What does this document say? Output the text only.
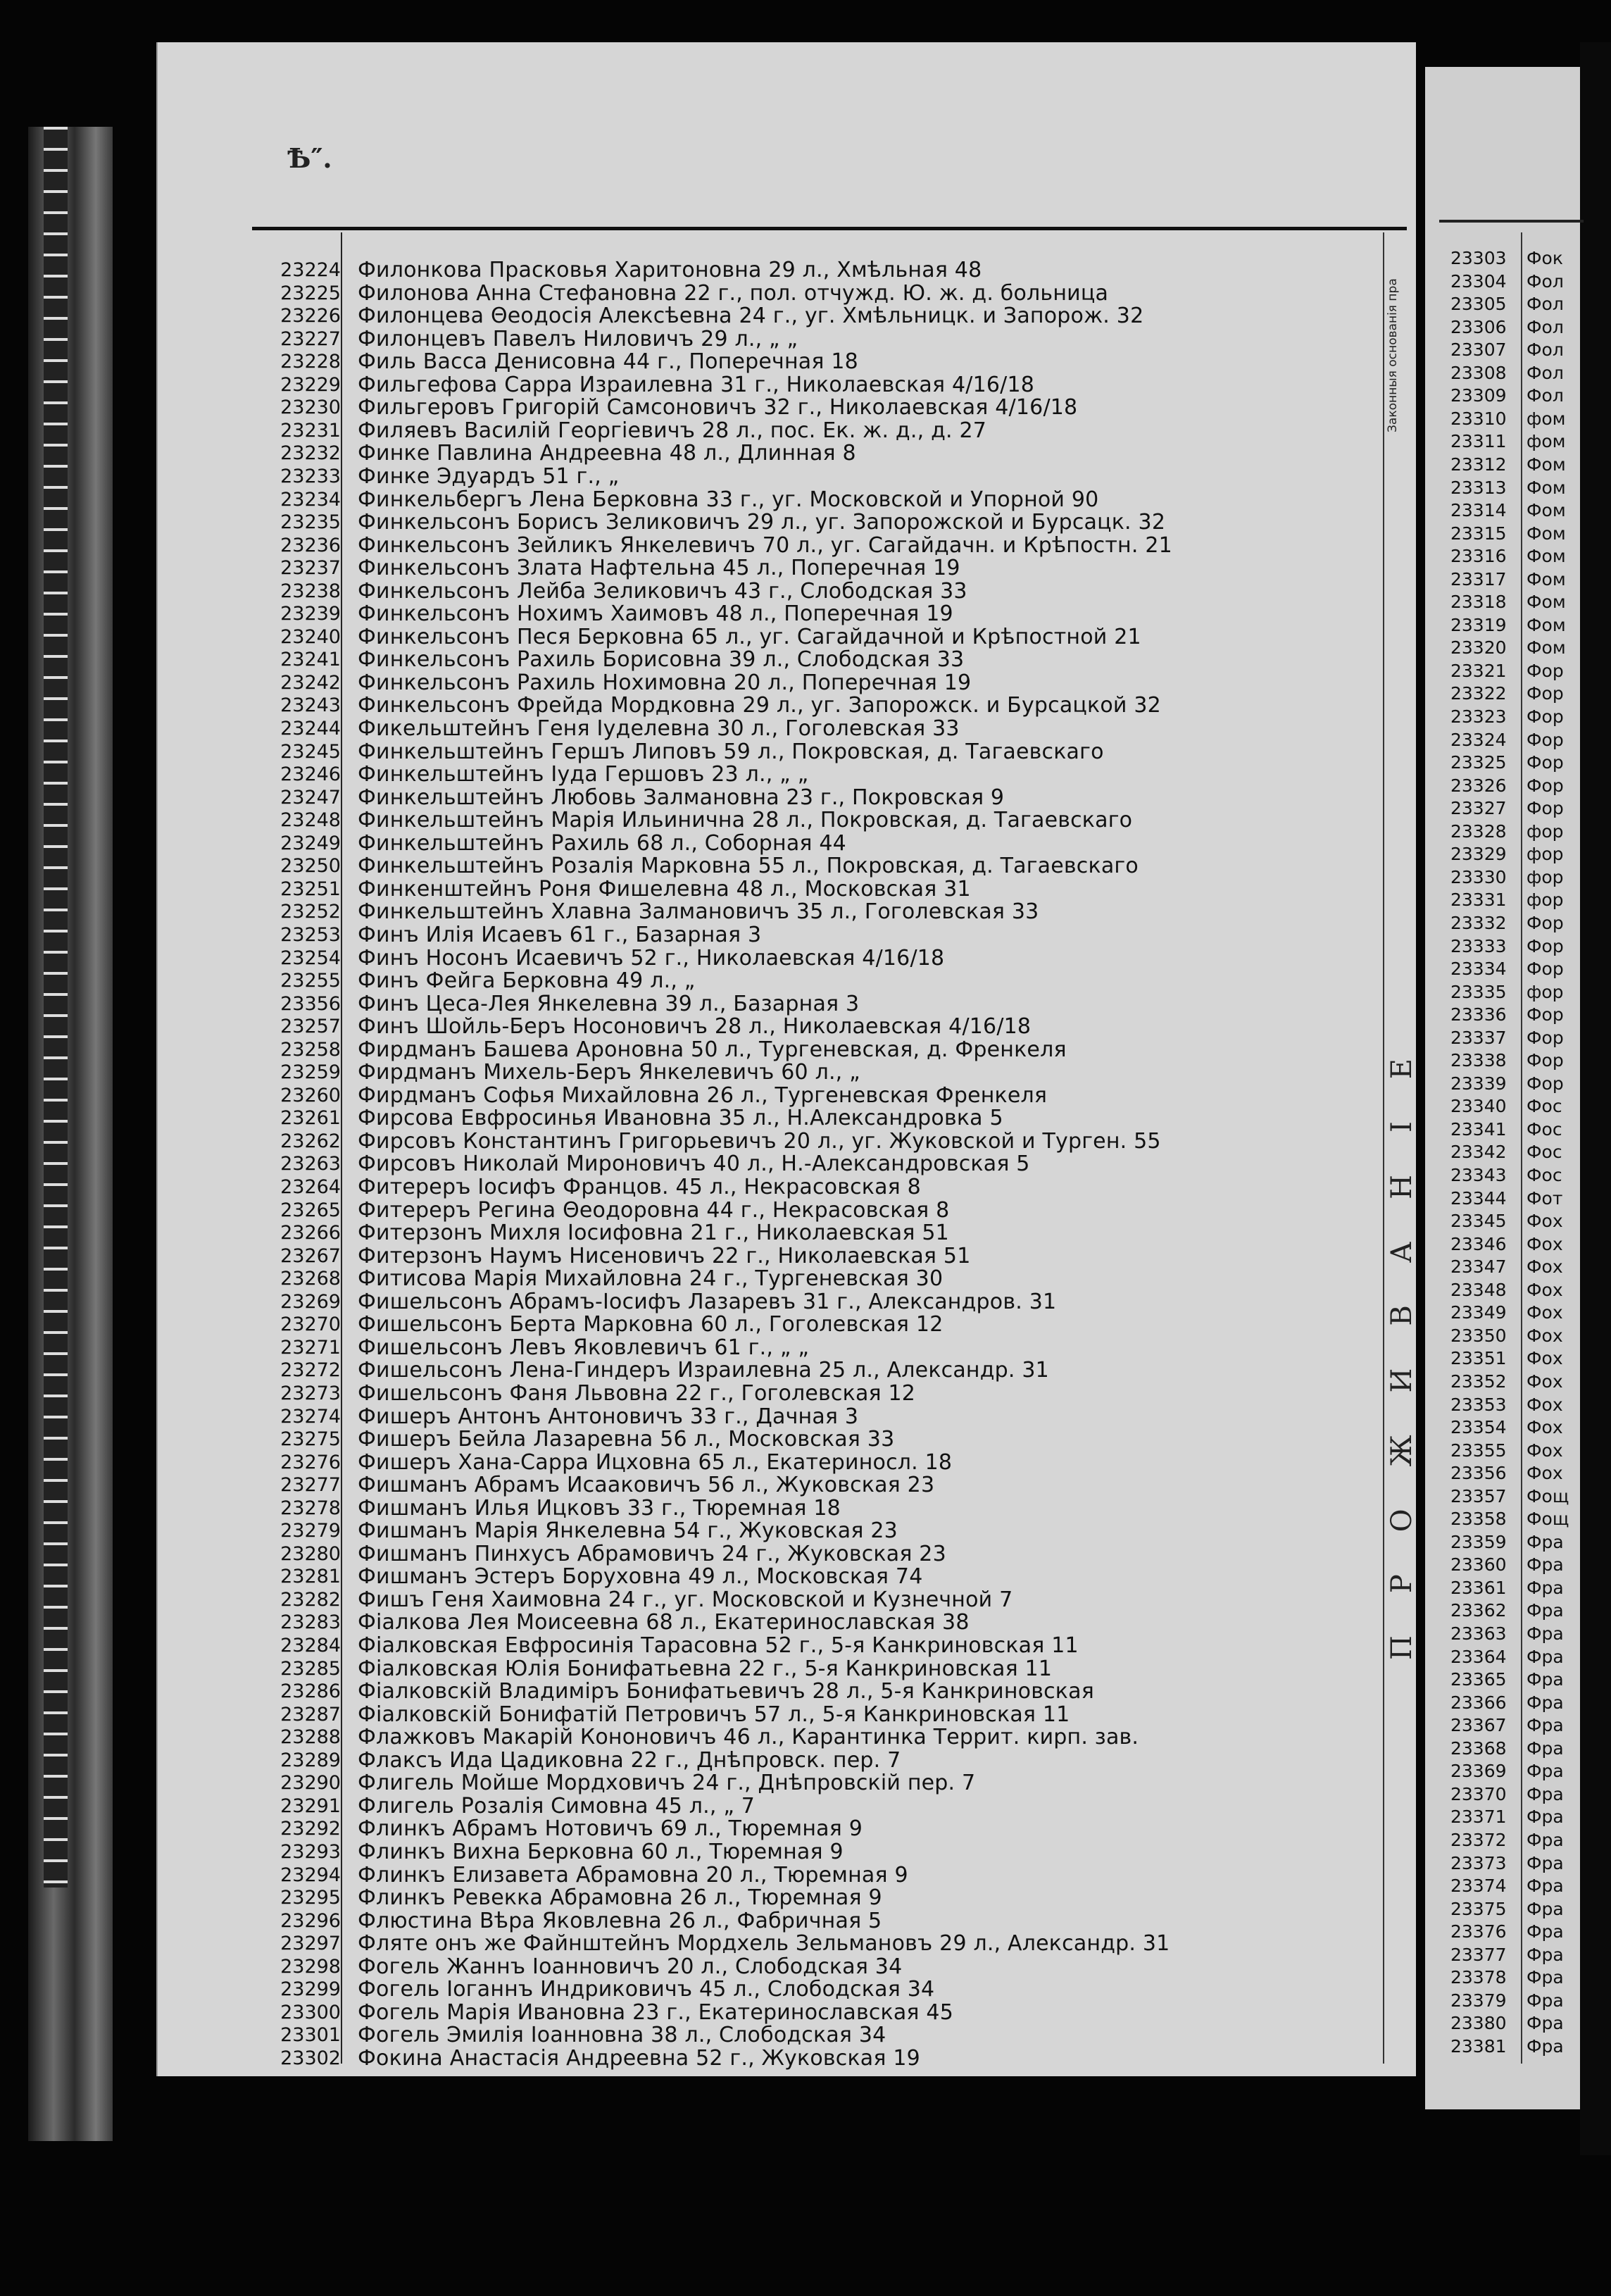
Ѣ″.

23224 Филонкова Прасковья Харитоновна 29 л., Хмѣльная 48
23225 Филонова Анна Стефановна 22 г., пол. отчужд. Ю. ж. д. больница
23226 Филонцева Θеодосія Алексѣевна 24 г., уг. Хмѣльницк. и Запорож. 32
23227 Филонцевъ Павелъ Ниловичъ 29 л., „ „
23228 Филь Васса Денисовна 44 г., Поперечная 18
23229 Фильгефова Сарра Израилевна 31 г., Николаевская 4/16/18
23230 Фильгеровъ Григорій Самсоновичъ 32 г., Николаевская 4/16/18
23231 Филяевъ Василій Георгіевичъ 28 л., пос. Ек. ж. д., д. 27
23232 Финке Павлина Андреевна 48 л., Длинная 8
23233 Финке Эдуардъ 51 г., „
23234 Финкельбергъ Лена Берковна 33 г., уг. Московской и Упорной 90
23235 Финкельсонъ Борисъ Зеликовичъ 29 л., уг. Запорожской и Бурсацк. 32
23236 Финкельсонъ Зейликъ Янкелевичъ 70 л., уг. Сагайдачн. и Крѣпостн. 21
23237 Финкельсонъ Злата Нафтельна 45 л., Поперечная 19
23238 Финкельсонъ Лейба Зеликовичъ 43 г., Слободская 33
23239 Финкельсонъ Нохимъ Хаимовъ 48 л., Поперечная 19
23240 Финкельсонъ Песя Берковна 65 л., уг. Сагайдачной и Крѣпостной 21
23241 Финкельсонъ Рахиль Борисовна 39 л., Слободская 33
23242 Финкельсонъ Рахиль Нохимовна 20 л., Поперечная 19
23243 Финкельсонъ Фрейда Мордковна 29 л., уг. Запорожск. и Бурсацкой 32
23244 Фикельштейнъ Геня Іуделевна 30 л., Гоголевская 33
23245 Финкельштейнъ Гершъ Липовъ 59 л., Покровская, д. Тагаевскаго
23246 Финкельштейнъ Іуда Гершовъ 23 л., „ „
23247 Финкельштейнъ Любовь Залмановна 23 г., Покровская 9
23248 Финкельштейнъ Марія Ильинична 28 л., Покровская, д. Тагаевскаго
23249 Финкельштейнъ Рахиль 68 л., Соборная 44
23250 Финкельштейнъ Розалія Марковна 55 л., Покровская, д. Тагаевскаго
23251 Финкенштейнъ Роня Фишелевна 48 л., Московская 31
23252 Финкельштейнъ Хлавна Залмановичъ 35 л., Гоголевская 33
23253 Финъ Илія Исаевъ 61 г., Базарная 3
23254 Финъ Носонъ Исаевичъ 52 г., Николаевская 4/16/18
23255 Финъ Фейга Берковна 49 л., „
23356 Финъ Цеса-Лея Янкелевна 39 л., Базарная 3
23257 Финъ Шойль-Беръ Носоновичъ 28 л., Николаевская 4/16/18
23258 Фирдманъ Башева Ароновна 50 л., Тургеневская, д. Френкеля
23259 Фирдманъ Михель-Беръ Янкелевичъ 60 л., „
23260 Фирдманъ Софья Михайловна 26 л., Тургеневская Френкеля
23261 Фирсова Евфросинья Ивановна 35 л., Н.Александровка 5
23262 Фирсовъ Константинъ Григорьевичъ 20 л., уг. Жуковской и Турген. 55
23263 Фирсовъ Николай Мироновичъ 40 л., Н.-Александровская 5
23264 Фитереръ Іосифъ Францов. 45 л., Некрасовская 8
23265 Фитереръ Регина Θеодоровна 44 г., Некрасовская 8
23266 Фитерзонъ Михля Іосифовна 21 г., Николаевская 51
23267 Фитерзонъ Наумъ Нисеновичъ 22 г., Николаевская 51
23268 Фитисова Марія Михайловна 24 г., Тургеневская 30
23269 Фишельсонъ Абрамъ-Іосифъ Лазаревъ 31 г., Александров. 31
23270 Фишельсонъ Берта Марковна 60 л., Гоголевская 12
23271 Фишельсонъ Левъ Яковлевичъ 61 г., „ „
23272 Фишельсонъ Лена-Гиндеръ Израилевна 25 л., Александр. 31
23273 Фишельсонъ Фаня Львовна 22 г., Гоголевская 12
23274 Фишеръ Антонъ Антоновичъ 33 г., Дачная 3
23275 Фишеръ Бейла Лазаревна 56 л., Московская 33
23276 Фишеръ Хана-Сарра Ицховна 65 л., Екатериносл. 18
23277 Фишманъ Абрамъ Исааковичъ 56 л., Жуковская 23
23278 Фишманъ Илья Ицковъ 33 г., Тюремная 18
23279 Фишманъ Марія Янкелевна 54 г., Жуковская 23
23280 Фишманъ Пинхусъ Абрамовичъ 24 г., Жуковская 23
23281 Фишманъ Эстеръ Боруховна 49 л., Московская 74
23282 Фишъ Геня Хаимовна 24 г., уг. Московской и Кузнечной 7
23283 Фіалкова Лея Моисеевна 68 л., Екатеринославская 38
23284 Фіалковская Евфросинія Тарасовна 52 г., 5-я Канкриновская 11
23285 Фіалковская Юлія Бонифатьевна 22 г., 5-я Канкриновская 11
23286 Фіалковскій Владиміръ Бонифатьевичъ 28 л., 5-я Канкриновская
23287 Фіалковскій Бонифатій Петровичъ 57 л., 5-я Канкриновская 11
23288 Флажковъ Макарій Кононовичъ 46 л., Карантинка Террит. кирп. зав.
23289 Флаксъ Ида Цадиковна 22 г., Днѣпровск. пер. 7
23290 Флигель Мойше Мордховичъ 24 г., Днѣпровскій пер. 7
23291 Флигель Розалія Симовна 45 л., „ 7
23292 Флинкъ Абрамъ Нотовичъ 69 л., Тюремная 9
23293 Флинкъ Вихна Берковна 60 л., Тюремная 9
23294 Флинкъ Елизавета Абрамовна 20 л., Тюремная 9
23295 Флинкъ Ревекка Абрамовна 26 л., Тюремная 9
23296 Флюстина Вѣра Яковлевна 26 л., Фабричная 5
23297 Фляте онъ же Файнштейнъ Мордхель Зельмановъ 29 л., Александр. 31
23298 Фогель Жаннъ Іоанновичъ 20 л., Слободская 34
23299 Фогель Іоганнъ Индриковичъ 45 л., Слободская 34
23300 Фогель Марія Ивановна 23 г., Екатеринославская 45
23301 Фогель Эмилія Іоанновна 38 л., Слободская 34
23302 Фокина Анастасія Андреевна 52 г., Жуковская 19

Законныя основанія пра

ПРОЖИВАНІЕ

23303 Фок
23304 Фол
23305 Фол
23306 Фол
23307 Фол
23308 Фол
23309 Фол
23310 фом
23311 фом
23312 Фом
23313 Фом
23314 Фом
23315 Фом
23316 Фом
23317 Фом
23318 Фом
23319 Фом
23320 Фом
23321 Фор
23322 Фор
23323 Фор
23324 Фор
23325 Фор
23326 Фор
23327 Фор
23328 фор
23329 фор
23330 фор
23331 фор
23332 Фор
23333 Фор
23334 Фор
23335 фор
23336 Фор
23337 Фор
23338 Фор
23339 Фор
23340 Фос
23341 Фос
23342 Фос
23343 Фос
23344 Фот
23345 Фох
23346 Фох
23347 Фох
23348 Фох
23349 Фох
23350 Фох
23351 Фох
23352 Фох
23353 Фох
23354 Фох
23355 Фох
23356 Фох
23357 Фощ
23358 Фощ
23359 Фра
23360 Фра
23361 Фра
23362 Фра
23363 Фра
23364 Фра
23365 Фра
23366 Фра
23367 Фра
23368 Фра
23369 Фра
23370 Фра
23371 Фра
23372 Фра
23373 Фра
23374 Фра
23375 Фра
23376 Фра
23377 Фра
23378 Фра
23379 Фра
23380 Фра
23381 Фра
